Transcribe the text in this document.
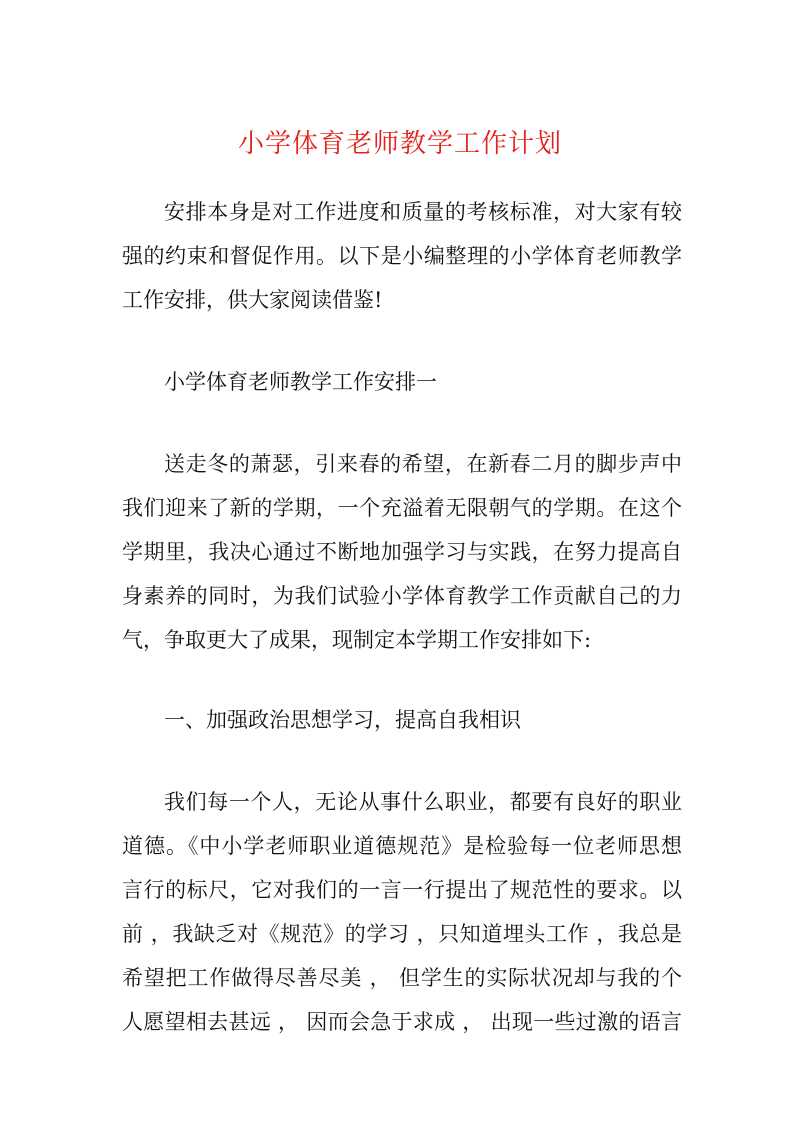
小学体育老师教学工作计划
安排本身是对工作进度和质量的考核标准，对大家有较
强的约束和督促作用。以下是小编整理的小学体育老师教学
工作安排，供大家阅读借鉴!
小学体育老师教学工作安排一
送走冬的萧瑟，引来春的希望，在新春二月的脚步声中
我们迎来了新的学期，一个充溢着无限朝气的学期。在这个
学期里，我决心通过不断地加强学习与实践，在努力提高自
身素养的同时，为我们试验小学体育教学工作贡献自己的力
气，争取更大了成果，现制定本学期工作安排如下:
一、加强政治思想学习，提高自我相识
我们每一个人，无论从事什么职业，都要有良好的职业
道德。《中小学老师职业道德规范》是检验每一位老师思想
言行的标尺，它对我们的一言一行提出了规范性的要求。以
前 ，我缺乏对《规范》的学习 ，只知道埋头工作 ，我总是
希望把工作做得尽善尽美 ， 但学生的实际状况却与我的个
人愿望相去甚远 ， 因而会急于求成 ， 出现一些过激的语言
